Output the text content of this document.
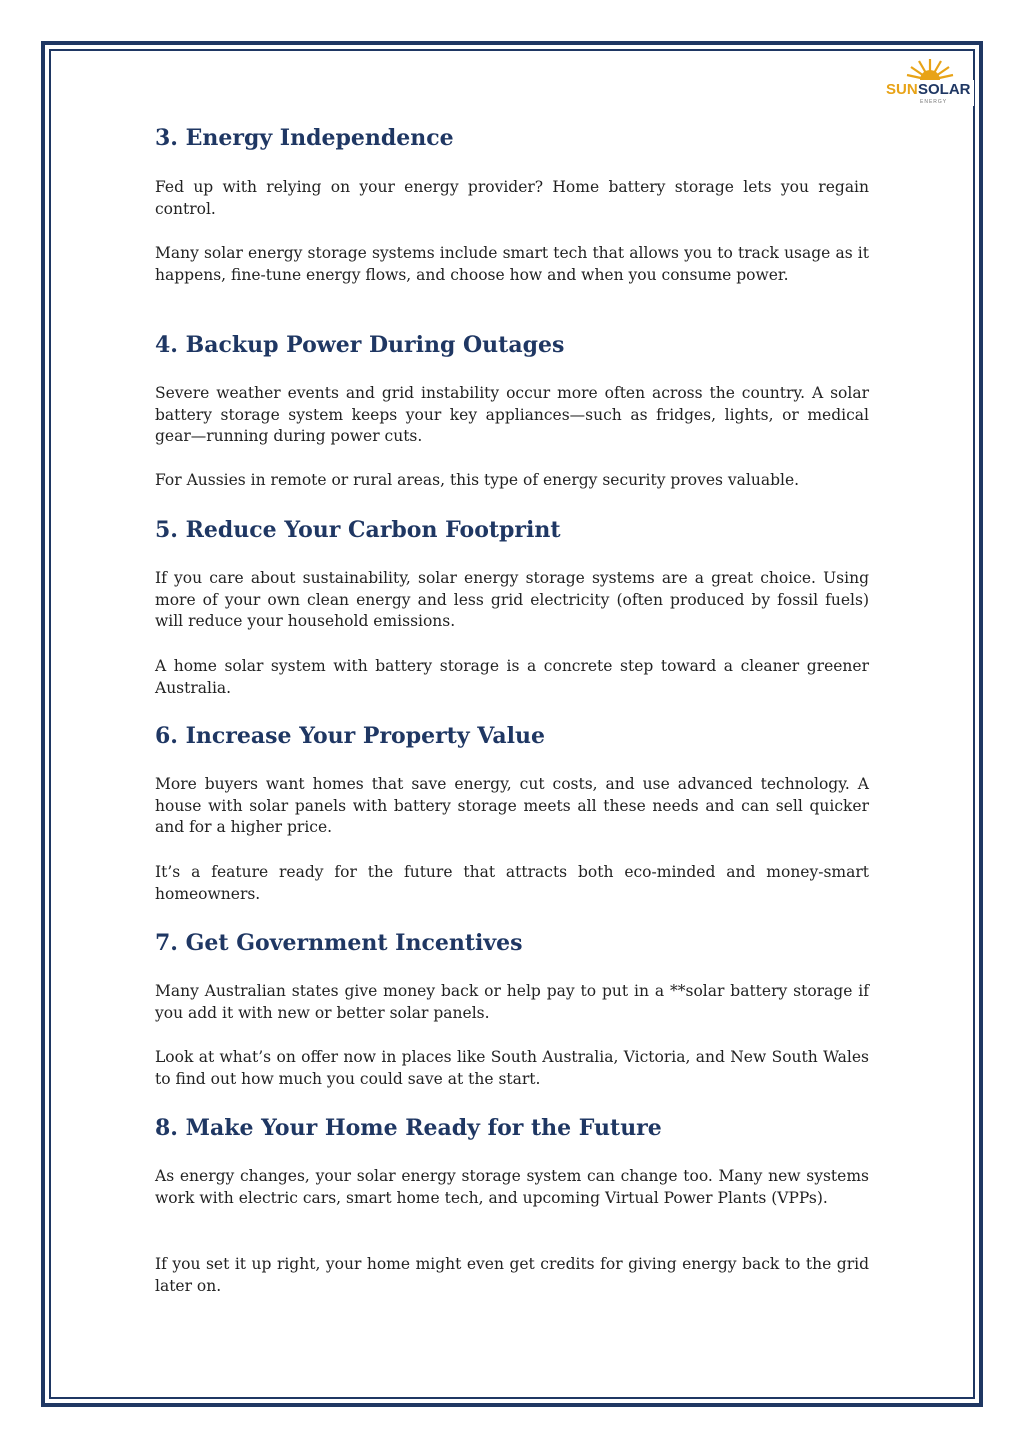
SUN SOLAR
ENERGY
3. Energy Independence

Fed up with relying on your energy provider? Home battery storage lets you regain control.

Many solar energy storage systems include smart tech that allows you to track usage as it happens, fine-tune energy flows, and choose how and when you consume power.

4. Backup Power During Outages

Severe weather events and grid instability occur more often across the country. A solar battery storage system keeps your key appliances—such as fridges, lights, or medical gear—running during power cuts.

For Aussies in remote or rural areas, this type of energy security proves valuable.

5. Reduce Your Carbon Footprint

If you care about sustainability, solar energy storage systems are a great choice. Using more of your own clean energy and less grid electricity (often produced by fossil fuels) will reduce your household emissions.

A home solar system with battery storage is a concrete step toward a cleaner greener Australia.

6. Increase Your Property Value

More buyers want homes that save energy, cut costs, and use advanced technology. A house with solar panels with battery storage meets all these needs and can sell quicker and for a higher price.

It’s a feature ready for the future that attracts both eco-minded and money-smart homeowners.

7. Get Government Incentives

Many Australian states give money back or help pay to put in a **solar battery storage if you add it with new or better solar panels.

Look at what’s on offer now in places like South Australia, Victoria, and New South Wales to find out how much you could save at the start.

8. Make Your Home Ready for the Future

As energy changes, your solar energy storage system can change too. Many new systems work with electric cars, smart home tech, and upcoming Virtual Power Plants (VPPs).

If you set it up right, your home might even get credits for giving energy back to the grid later on.
